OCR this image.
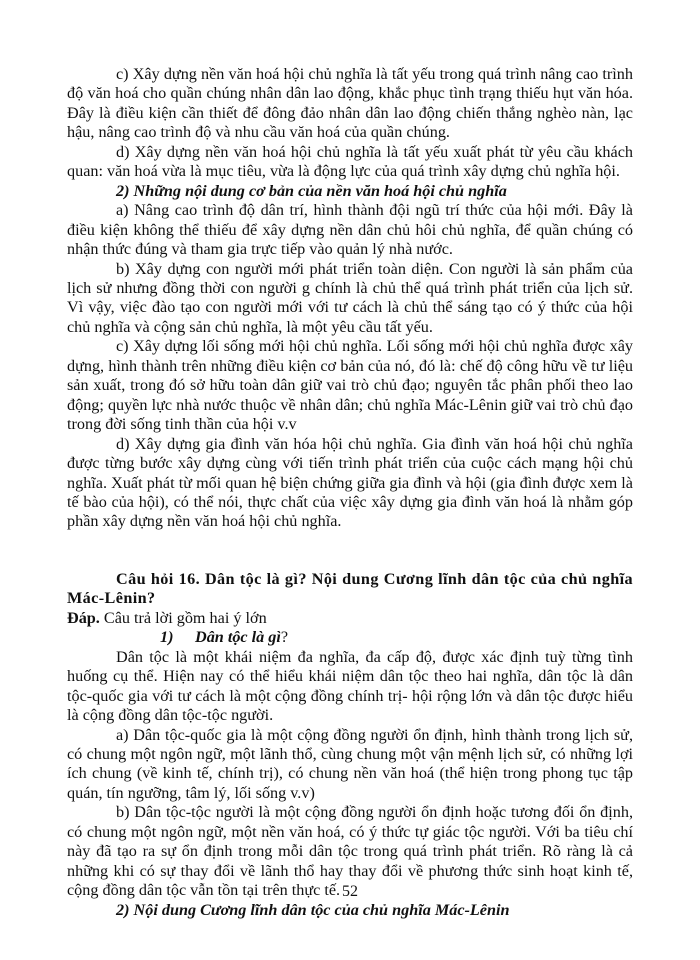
c) Xây dựng nền văn hoá hội chủ nghĩa là tất yếu trong quá trình nâng cao trình độ văn hoá cho quần chúng nhân dân lao động, khắc phục tình trạng thiếu hụt văn hóa. Đây là điều kiện cần thiết để đông đảo nhân dân lao động chiến thắng nghèo nàn, lạc hậu, nâng cao trình độ và nhu cầu văn hoá của quần chúng.

d) Xây dựng nền văn hoá hội chủ nghĩa là tất yếu xuất phát từ yêu cầu khách quan: văn hoá vừa là mục tiêu, vừa là động lực của quá trình xây dựng chủ nghĩa hội.

2) Những nội dung cơ bản của nền văn hoá hội chủ nghĩa

a) Nâng cao trình độ dân trí, hình thành đội ngũ trí thức của hội mới. Đây là điều kiện không thể thiếu để xây dựng nền dân chủ hôi chủ nghĩa, để quần chúng có nhận thức đúng và tham gia trực tiếp vào quản lý nhà nước.

b) Xây dựng con người mới phát triển toàn diện. Con người là sản phẩm của lịch sử nhưng đồng thời con người g chính là chủ thể quá trình phát triển của lịch sử. Vì vậy, việc đào tạo con người mới với tư cách là chủ thể sáng tạo có ý thức của hội chủ nghĩa và cộng sản chủ nghĩa, là một yêu cầu tất yếu.

c) Xây dựng lối sống mới hội chủ nghĩa. Lối sống mới hội chủ nghĩa được xây dựng, hình thành trên những điều kiện cơ bản của nó, đó là: chế độ công hữu về tư liệu sản xuất, trong đó sở hữu toàn dân giữ vai trò chủ đạo; nguyên tắc phân phối theo lao động; quyền lực nhà nước thuộc về nhân dân; chủ nghĩa Mác-Lênin giữ vai trò chủ đạo trong đời sống tinh thần của hội v.v

d) Xây dựng gia đình văn hóa hội chủ nghĩa. Gia đình văn hoá hội chủ nghĩa được từng bước xây dựng cùng với tiến trình phát triển của cuộc cách mạng hội chủ nghĩa. Xuất phát từ mối quan hệ biện chứng giữa gia đình và hội (gia đình được xem là tế bào của hội), có thể nói, thực chất của việc xây dựng gia đình văn hoá là nhằm góp phần xây dựng nền văn hoá hội chủ nghĩa.

Câu hỏi 16. Dân tộc là gì? Nội dung Cương lĩnh dân tộc của chủ nghĩa Mác-Lênin?

Đáp. Câu trả lời gồm hai ý lớn

1) Dân tộc là gì?

Dân tộc là một khái niệm đa nghĩa, đa cấp độ, được xác định tuỳ từng tình huống cụ thể. Hiện nay có thể hiểu khái niệm dân tộc theo hai nghĩa, dân tộc là dân tộc-quốc gia với tư cách là một cộng đồng chính trị- hội rộng lớn và dân tộc được hiểu là cộng đồng dân tộc-tộc người.

a) Dân tộc-quốc gia là một cộng đồng người ổn định, hình thành trong lịch sử, có chung một ngôn ngữ, một lãnh thổ, cùng chung một vận mệnh lịch sử, có những lợi ích chung (về kinh tế, chính trị), có chung nền văn hoá (thể hiện trong phong tục tập quán, tín ngưỡng, tâm lý, lối sống v.v)

b) Dân tộc-tộc người là một cộng đồng người ổn định hoặc tương đối ổn định, có chung một ngôn ngữ, một nền văn hoá, có ý thức tự giác tộc người. Với ba tiêu chí này đã tạo ra sự ổn định trong mỗi dân tộc trong quá trình phát triển. Rõ ràng là cả những khi có sự thay đổi về lãnh thổ hay thay đổi về phương thức sinh hoạt kinh tế, cộng đồng dân tộc vẫn tồn tại trên thực tế.

2) Nội dung Cương lĩnh dân tộc của chủ nghĩa Mác-Lênin

52
